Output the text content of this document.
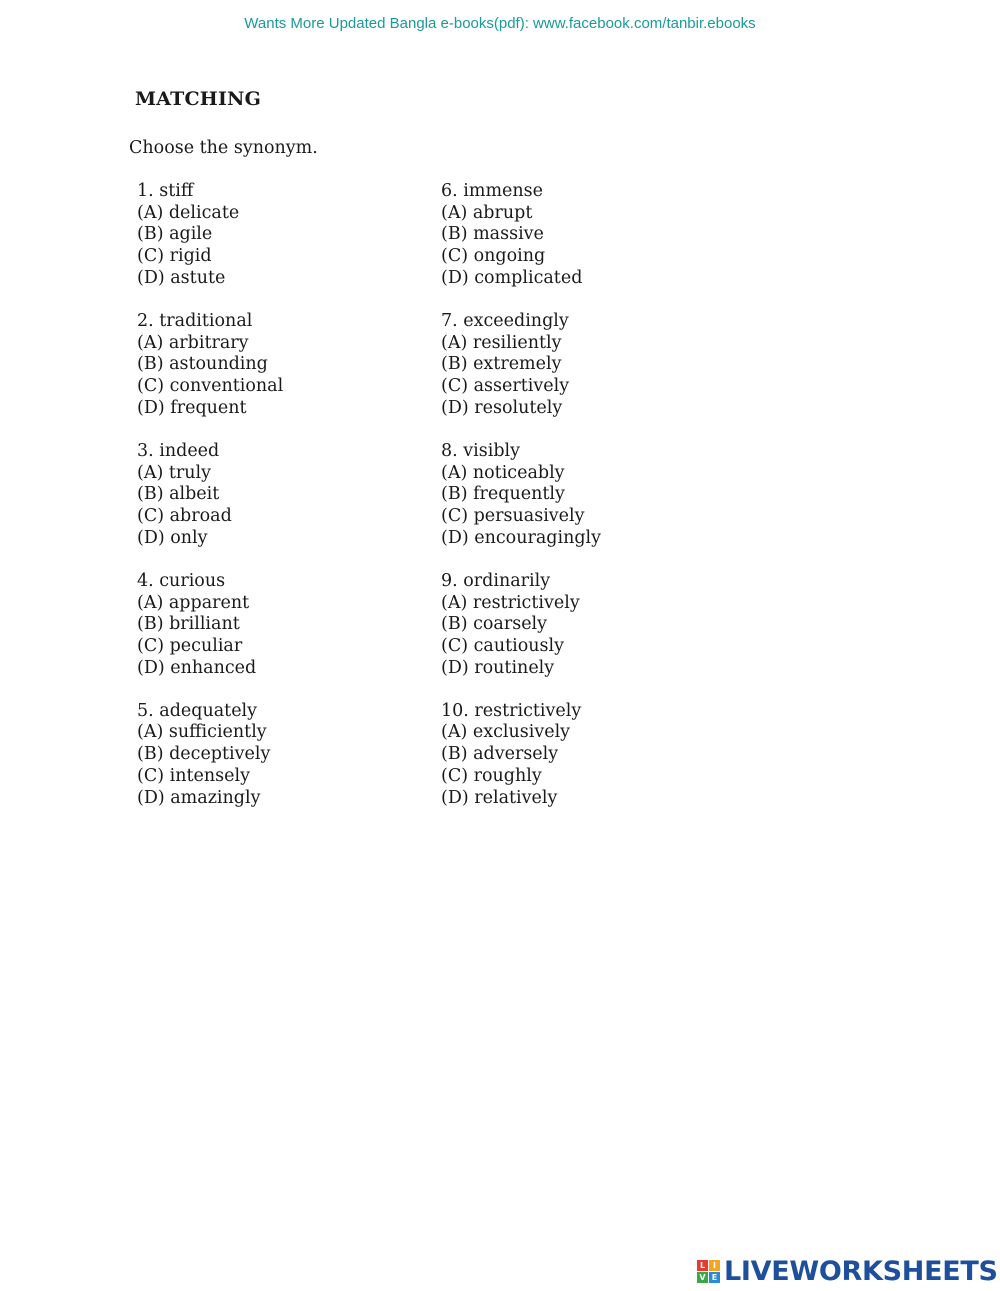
Wants More Updated Bangla e-books(pdf): www.facebook.com/tanbir.ebooks
MATCHING
Choose the synonym.
1. stiff
(A) delicate
(B) agile
(C) rigid
(D) astute
2. traditional
(A) arbitrary
(B) astounding
(C) conventional
(D) frequent
3. indeed
(A) truly
(B) albeit
(C) abroad
(D) only
4. curious
(A) apparent
(B) brilliant
(C) peculiar
(D) enhanced
5. adequately
(A) sufficiently
(B) deceptively
(C) intensely
(D) amazingly
6. immense
(A) abrupt
(B) massive
(C) ongoing
(D) complicated
7. exceedingly
(A) resiliently
(B) extremely
(C) assertively
(D) resolutely
8. visibly
(A) noticeably
(B) frequently
(C) persuasively
(D) encouragingly
9. ordinarily
(A) restrictively
(B) coarsely
(C) cautiously
(D) routinely
10. restrictively
(A) exclusively
(B) adversely
(C) roughly
(D) relatively
L I
V E LIVEWORKSHEETS
